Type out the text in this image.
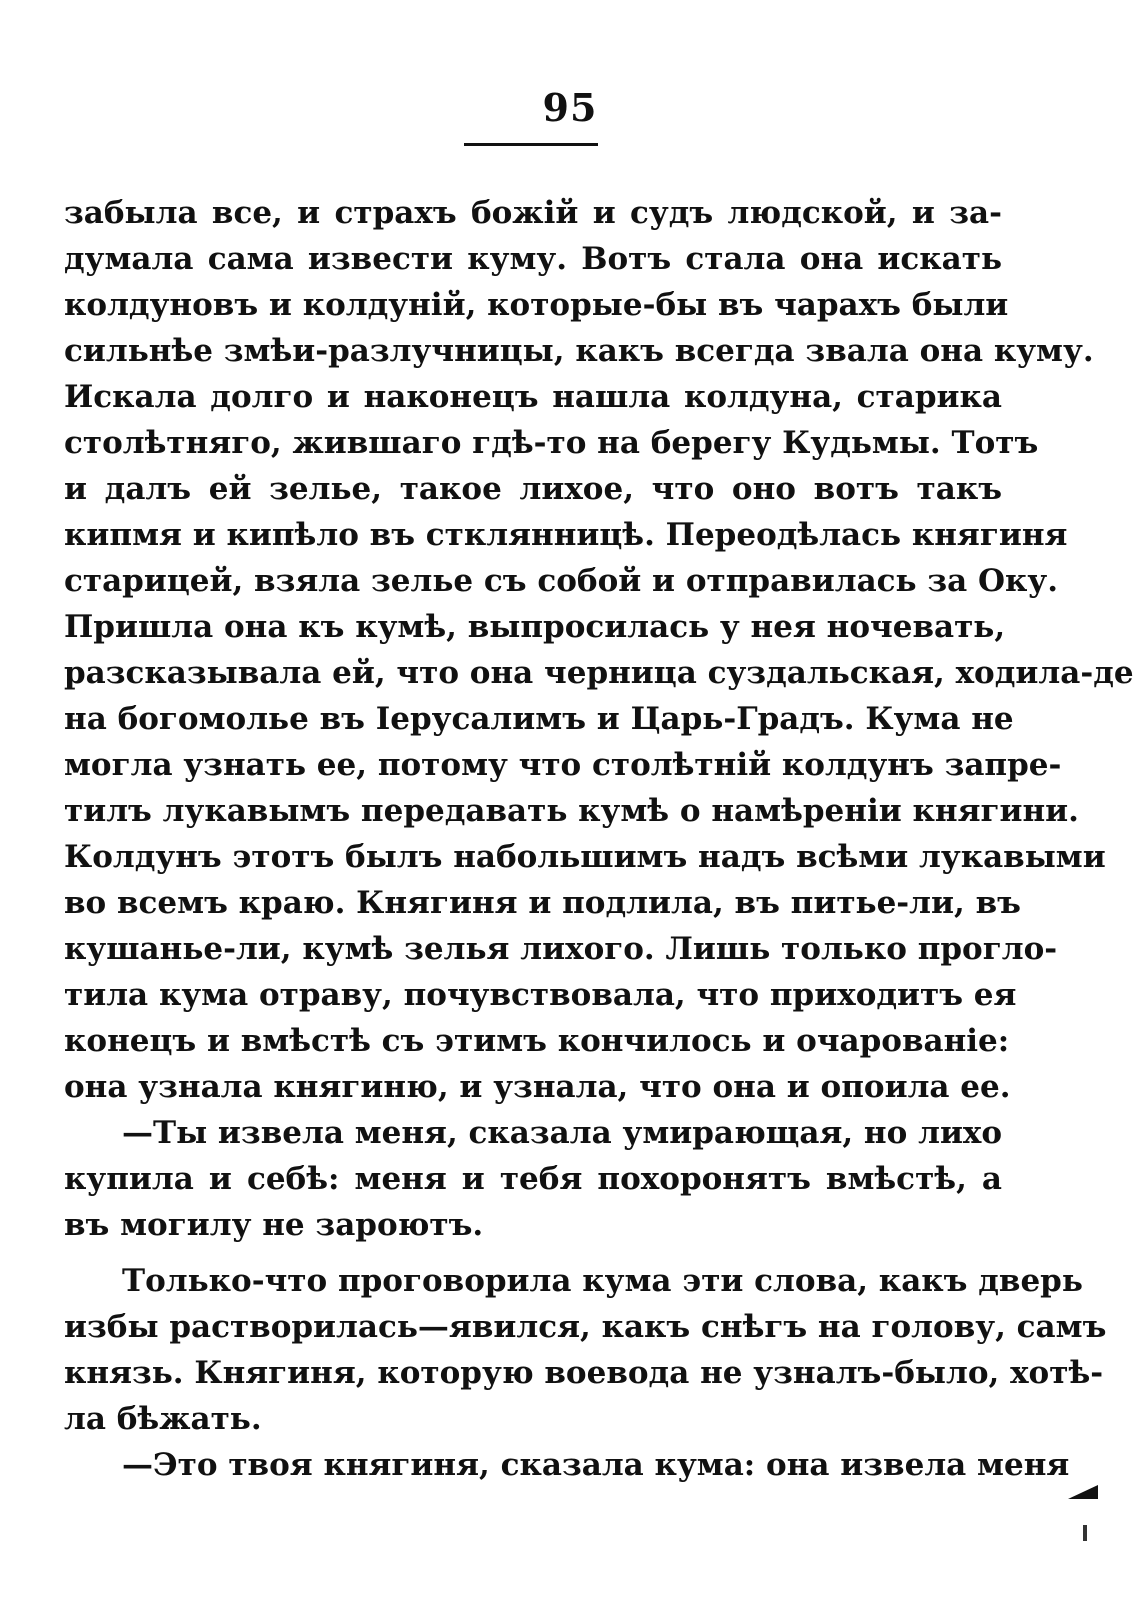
95
забыла все, и страхъ божій и судъ людской, и за-
думала сама извести куму. Вотъ стала она искать
колдуновъ и колдуній, которые-бы въ чарахъ были
сильнѣе змѣи-разлучницы, какъ всегда звала она куму.
Искала долго и наконецъ нашла колдуна, старика
столѣтняго, жившаго гдѣ-то на берегу Кудьмы. Тотъ
и далъ ей зелье, такое лихое, что оно вотъ такъ
кипмя и кипѣло въ стклянницѣ. Переодѣлась княгиня
старицей, взяла зелье съ собой и отправилась за Оку.
Пришла она къ кумѣ, выпросилась у нея ночевать,
разсказывала ей, что она черница суздальская, ходила-де
на богомолье въ Іерусалимъ и Царь-Градъ. Кума не
могла узнать ее, потому что столѣтній колдунъ запре-
тилъ лукавымъ передавать кумѣ о намѣреніи княгини.
Колдунъ этотъ былъ набольшимъ надъ всѣми лукавыми
во всемъ краю. Княгиня и подлила, въ питье-ли, въ
кушанье-ли, кумѣ зелья лихого. Лишь только прогло-
тила кума отраву, почувствовала, что приходитъ ея
конецъ и вмѣстѣ съ этимъ кончилось и очарованіе:
она узнала княгиню, и узнала, что она и опоила ее.
—Ты извела меня, сказала умирающая, но лихо
купила и себѣ: меня и тебя похоронятъ вмѣстѣ, а
въ могилу не зароютъ.
Только-что проговорила кума эти слова, какъ дверь
избы растворилась—явился, какъ снѣгъ на голову, самъ
князь. Княгиня, которую воевода не узналъ-было, хотѣ-
ла бѣжать.
—Это твоя княгиня, сказала кума: она извела меня
